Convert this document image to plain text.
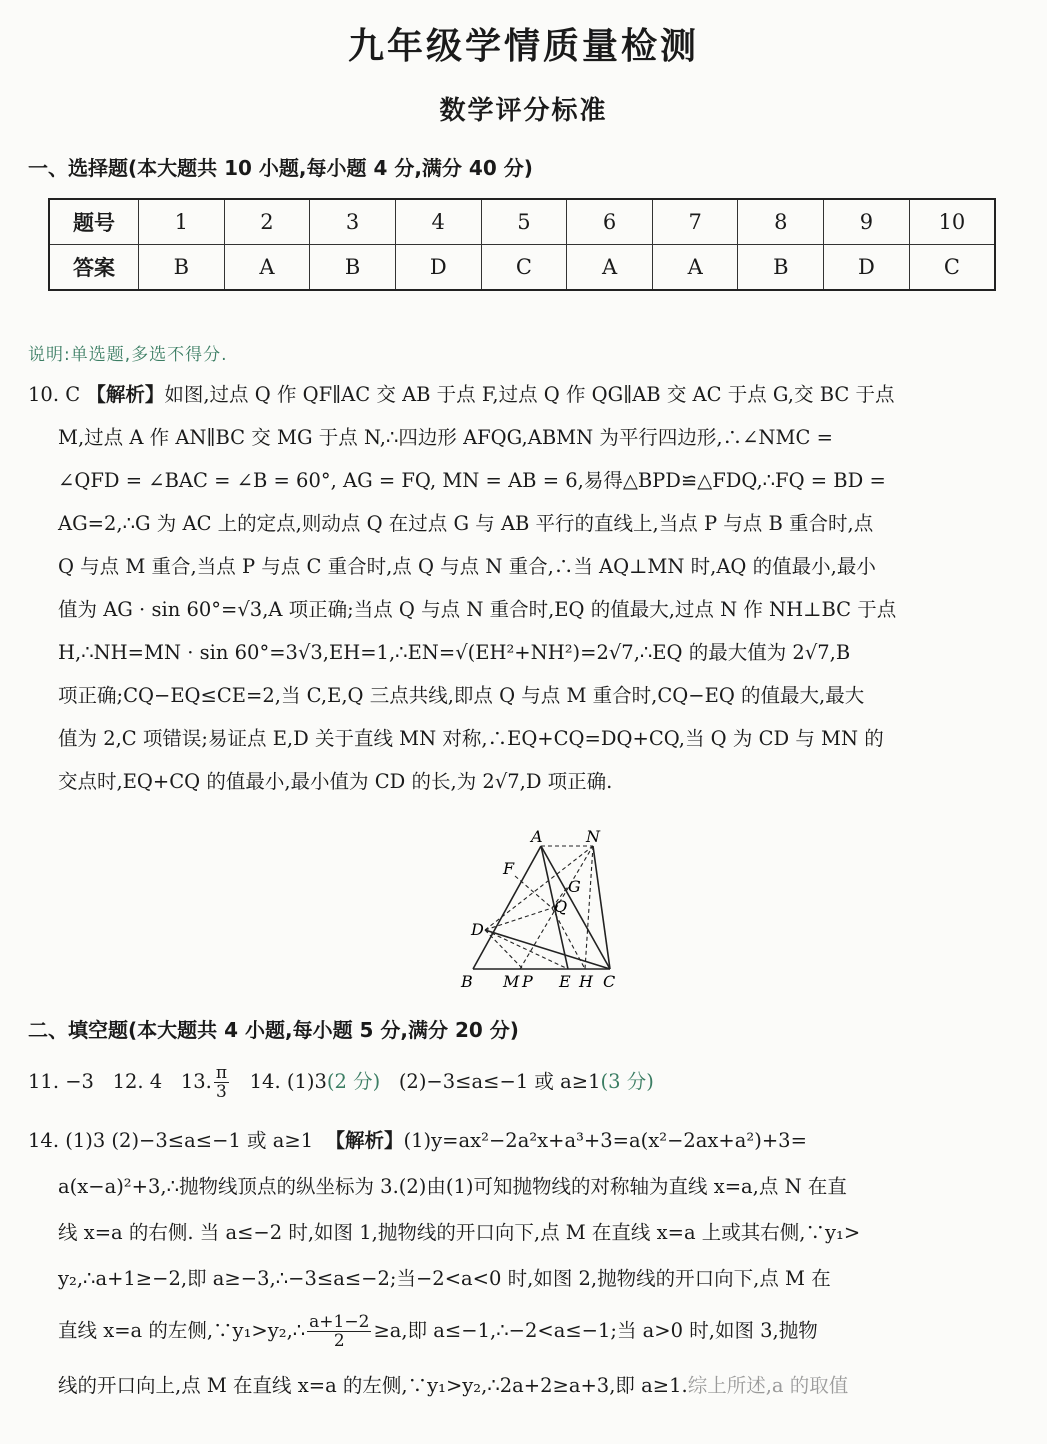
九年级学情质量检测
数学评分标准
一、选择题(本大题共 10 小题,每小题 4 分,满分 40 分)
题号	1	2	3	4	5	6	7	8	9	10
答案	B	A	B	D	C	A	A	B	D	C
说明:单选题,多选不得分.
10. C 【解析】如图,过点 Q 作 QF∥AC 交 AB 于点 F,过点 Q 作 QG∥AB 交 AC 于点 G,交 BC 于点
M,过点 A 作 AN∥BC 交 MG 于点 N,∴四边形 AFQG,ABMN 为平行四边形,∴∠NMC =
∠QFD = ∠BAC = ∠B = 60°, AG = FQ, MN = AB = 6,易得△BPD≌△FDQ,∴FQ = BD =
AG=2,∴G 为 AC 上的定点,则动点 Q 在过点 G 与 AB 平行的直线上,当点 P 与点 B 重合时,点
Q 与点 M 重合,当点 P 与点 C 重合时,点 Q 与点 N 重合,∴当 AQ⊥MN 时,AQ 的值最小,最小
值为 AG · sin 60°=√3,A 项正确;当点 Q 与点 N 重合时,EQ 的值最大,过点 N 作 NH⊥BC 于点
H,∴NH=MN · sin 60°=3√3,EH=1,∴EN=√(EH²+NH²)=2√7,∴EQ 的最大值为 2√7,B
项正确;CQ−EQ≤CE=2,当 C,E,Q 三点共线,即点 Q 与点 M 重合时,CQ−EQ 的值最大,最大
值为 2,C 项错误;易证点 E,D 关于直线 MN 对称,∴EQ+CQ=DQ+CQ,当 Q 为 CD 与 MN 的
交点时,EQ+CQ 的值最小,最小值为 CD 的长,为 2√7,D 项正确.
A	N
F
G
Q
D
B M P E H C
二、填空题(本大题共 4 小题,每小题 5 分,满分 20 分)
11. −3 12. 4 13. $\frac{\pi}{3} 14$. (1)3(2 分) (2)−3≤a≤−1 或 a≥1(3 分)
14. (1)3 (2)−3≤a≤−1 或 a≥1 【解析】(1)y=ax²−2a²x+a³+3=a(x²−2ax+a²)+3=
a(x−a)²+3,∴抛物线顶点的纵坐标为 3.(2)由(1)可知抛物线的对称轴为直线 x=a,点 N 在直
线 x=a 的右侧. 当 a≤−2 时,如图 1,抛物线的开口向下,点 M 在直线 x=a 上或其右侧,∵y₁>
y₂,∴a+1≥−2,即 a≥−3,∴−3≤a≤−2;当−2<a<0 时,如图 2,抛物线的开口向下,点 M 在
直线 x=a 的左侧,∵y₁>y₂,∴ $\frac{a+1-2}{2} \ge a$,即 a≤−1,∴−2<a≤−1;当 a>0 时,如图 3,抛物
线的开口向上,点 M 在直线 x=a 的左侧,∵y₁>y₂,∴2a+2≥a+3,即 a≥1.综上所述,a 的取值
